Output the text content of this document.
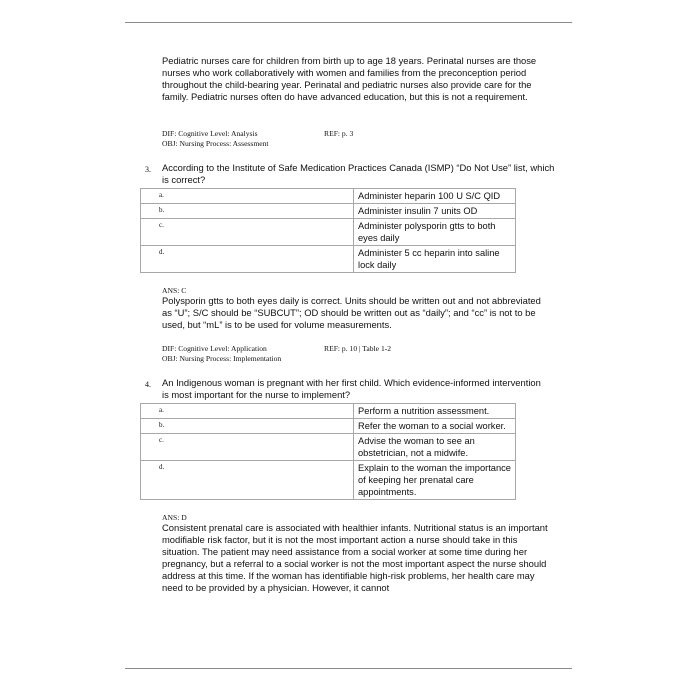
Pediatric nurses care for children from birth up to age 18 years. Perinatal nurses are those nurses who work collaboratively with women and families from the preconception period throughout the child-bearing year. Perinatal and pediatric nurses also provide care for the family. Pediatric nurses often do have advanced education, but this is not a requirement.

DIF: Cognitive Level: Analysis	REF: p. 3
OBJ: Nursing Process: Assessment
3. According to the Institute of Safe Medication Practices Canada (ISMP) “Do Not Use” list, which is correct?
a.	Administer heparin 100 U S/C QID
b.	Administer insulin 7 units OD
c.	Administer polysporin gtts to both eyes daily
d.	Administer 5 cc heparin into saline lock daily
ANS: C

Polysporin gtts to both eyes daily is correct. Units should be written out and not abbreviated as “U”; S/C should be “SUBCUT”; OD should be written out as “daily”; and “cc” is not to be used, but “mL” is to be used for volume measurements.

DIF: Cognitive Level: Application	REF: p. 10 | Table 1-2
OBJ: Nursing Process: Implementation
4. An Indigenous woman is pregnant with her first child. Which evidence-informed intervention is most important for the nurse to implement?
a.	Perform a nutrition assessment.
b.	Refer the woman to a social worker.
c.	Advise the woman to see an obstetrician, not a midwife.
d.	Explain to the woman the importance of keeping her prenatal care appointments.
ANS: D

Consistent prenatal care is associated with healthier infants. Nutritional status is an important modifiable risk factor, but it is not the most important action a nurse should take in this situation. The patient may need assistance from a social worker at some time during her pregnancy, but a referral to a social worker is not the most important aspect the nurse should address at this time. If the woman has identifiable high-risk problems, her health care may need to be provided by a physician. However, it cannot
